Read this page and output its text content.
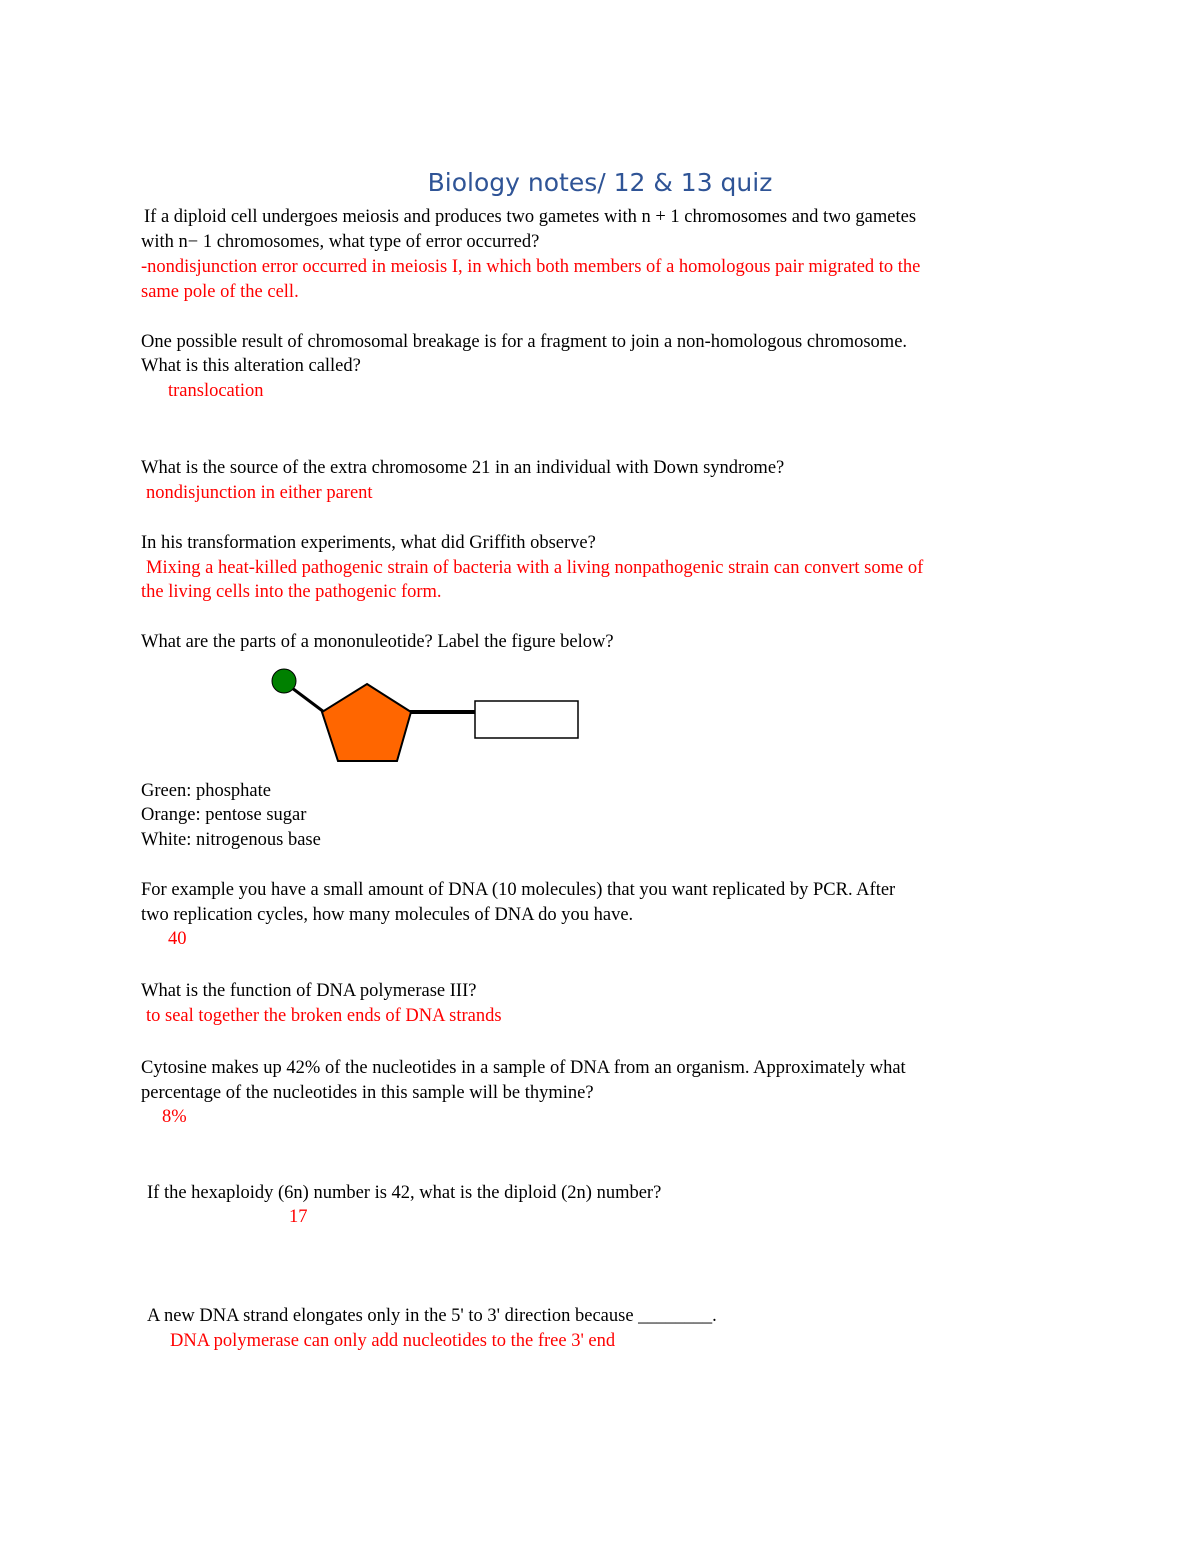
Biology notes/ 12 & 13 quiz

If a diploid cell undergoes meiosis and produces two gametes with n + 1 chromosomes and two gametes

with n− 1 chromosomes, what type of error occurred?

-nondisjunction error occurred in meiosis I, in which both members of a homologous pair migrated to the

same pole of the cell.

One possible result of chromosomal breakage is for a fragment to join a non-homologous chromosome.

What is this alteration called?

translocation

What is the source of the extra chromosome 21 in an individual with Down syndrome?

nondisjunction in either parent

In his transformation experiments, what did Griffith observe?

Mixing a heat-killed pathogenic strain of bacteria with a living nonpathogenic strain can convert some of

the living cells into the pathogenic form.

What are the parts of a mononuleotide? Label the figure below?

Green: phosphate

Orange: pentose sugar

White: nitrogenous base

For example you have a small amount of DNA (10 molecules) that you want replicated by PCR. After

two replication cycles, how many molecules of DNA do you have.

40

What is the function of DNA polymerase III?

to seal together the broken ends of DNA strands

Cytosine makes up 42% of the nucleotides in a sample of DNA from an organism. Approximately what

percentage of the nucleotides in this sample will be thymine?

8%

If the hexaploidy (6n) number is 42, what is the diploid (2n) number?

17

A new DNA strand elongates only in the 5' to 3' direction because ________.

DNA polymerase can only add nucleotides to the free 3' end
